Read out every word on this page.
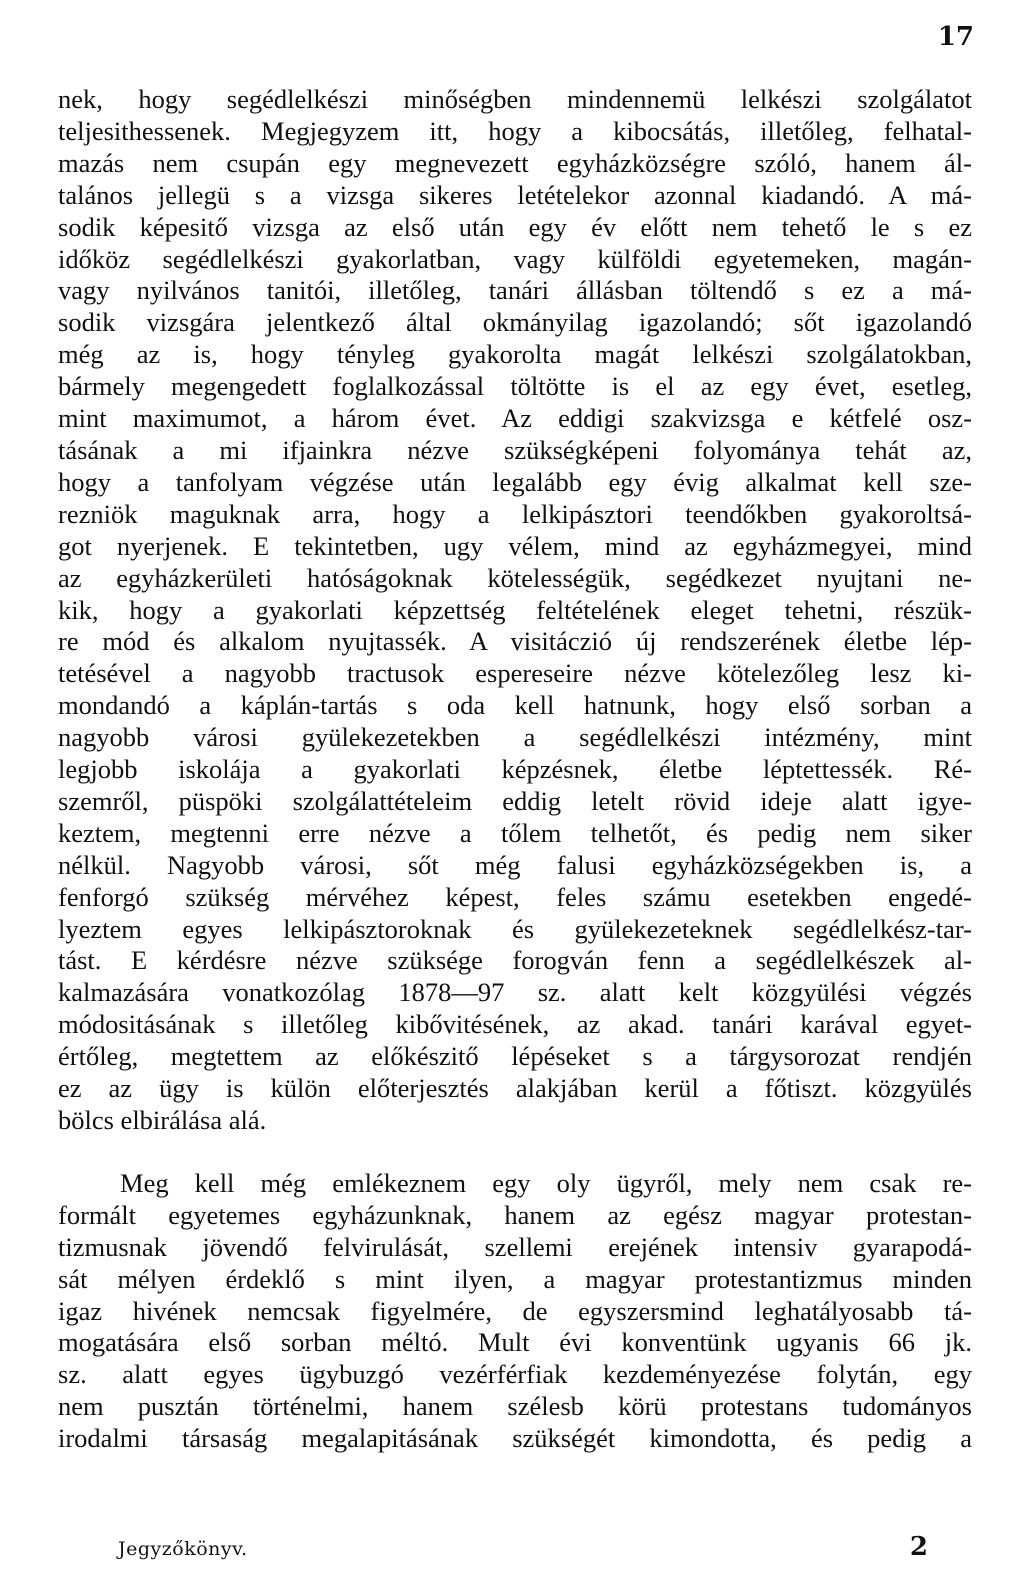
17
nek, hogy segédlelkészi minőségben mindennemü lelkészi szolgálatot
teljesithessenek. Megjegyzem itt, hogy a kibocsátás, illetőleg, felhatal-
mazás nem csupán egy megnevezett egyházközségre szóló, hanem ál-
talános jellegü s a vizsga sikeres letételekor azonnal kiadandó. A má-
sodik képesitő vizsga az első után egy év előtt nem tehető le s ez
időköz segédlelkészi gyakorlatban, vagy külföldi egyetemeken, magán-
vagy nyilvános tanitói, illetőleg, tanári állásban töltendő s ez a má-
sodik vizsgára jelentkező által okmányilag igazolandó; sőt igazolandó
még az is, hogy tényleg gyakorolta magát lelkészi szolgálatokban,
bármely megengedett foglalkozással töltötte is el az egy évet, esetleg,
mint maximumot, a három évet. Az eddigi szakvizsga e kétfelé osz-
tásának a mi ifjainkra nézve szükségképeni folyománya tehát az,
hogy a tanfolyam végzése után legalább egy évig alkalmat kell sze-
rezniök maguknak arra, hogy a lelkipásztori teendőkben gyakoroltsá-
got nyerjenek. E tekintetben, ugy vélem, mind az egyházmegyei, mind
az egyházkerületi hatóságoknak kötelességük, segédkezet nyujtani ne-
kik, hogy a gyakorlati képzettség feltételének eleget tehetni, részük-
re mód és alkalom nyujtassék. A visitáczió új rendszerének életbe lép-
tetésével a nagyobb tractusok espereseire nézve kötelezőleg lesz ki-
mondandó a káplán-tartás s oda kell hatnunk, hogy első sorban a
nagyobb városi gyülekezetekben a segédlelkészi intézmény, mint
legjobb iskolája a gyakorlati képzésnek, életbe léptettessék. Ré-
szemről, püspöki szolgálattételeim eddig letelt rövid ideje alatt igye-
keztem, megtenni erre nézve a tőlem telhetőt, és pedig nem siker
nélkül. Nagyobb városi, sőt még falusi egyházközségekben is, a
fenforgó szükség mérvéhez képest, feles számu esetekben engedé-
lyeztem egyes lelkipásztoroknak és gyülekezeteknek segédlelkész-tar-
tást. E kérdésre nézve szüksége forogván fenn a segédlelkészek al-
kalmazására vonatkozólag 1878—97 sz. alatt kelt közgyülési végzés
módositásának s illetőleg kibővitésének, az akad. tanári karával egyet-
értőleg, megtettem az előkészitő lépéseket s a tárgysorozat rendjén
ez az ügy is külön előterjesztés alakjában kerül a főtiszt. közgyülés
bölcs elbirálása alá.
Meg kell még emlékeznem egy oly ügyről, mely nem csak re-
formált egyetemes egyházunknak, hanem az egész magyar protestan-
tizmusnak jövendő felvirulását, szellemi erejének intensiv gyarapodá-
sát mélyen érdeklő s mint ilyen, a magyar protestantizmus minden
igaz hivének nemcsak figyelmére, de egyszersmind leghatályosabb tá-
mogatására első sorban méltó. Mult évi konventünk ugyanis 66 jk.
sz. alatt egyes ügybuzgó vezérférfiak kezdeményezése folytán, egy
nem pusztán történelmi, hanem szélesb körü protestans tudományos
irodalmi társaság megalapitásának szükségét kimondotta, és pedig a
Jegyzőkönyv.	2
